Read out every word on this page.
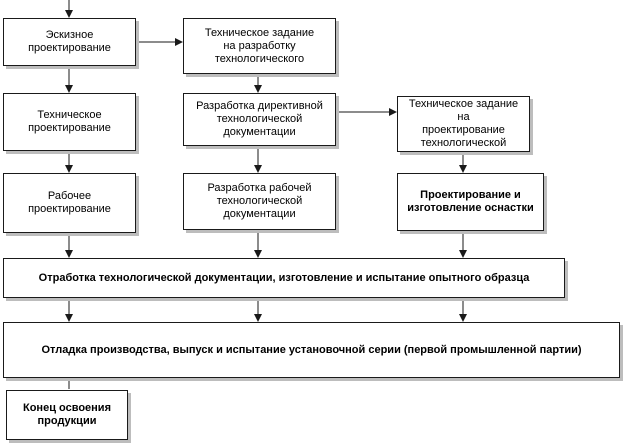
Эскизное
проектирование
Техническое задание
на разработку
технологического
Техническое
проектирование
Разработка директивной
технологической
документации
Техническое задание на
проектирование
технологической
Рабочее
проектирование
Разработка рабочей
технологической
документации
Проектирование и
изготовление оснастки
Отработка технологической документации, изготовление и испытание опытного образца
Отладка производства, выпуск и испытание установочной серии (первой промышленной партии)
Конец освоения
продукции
